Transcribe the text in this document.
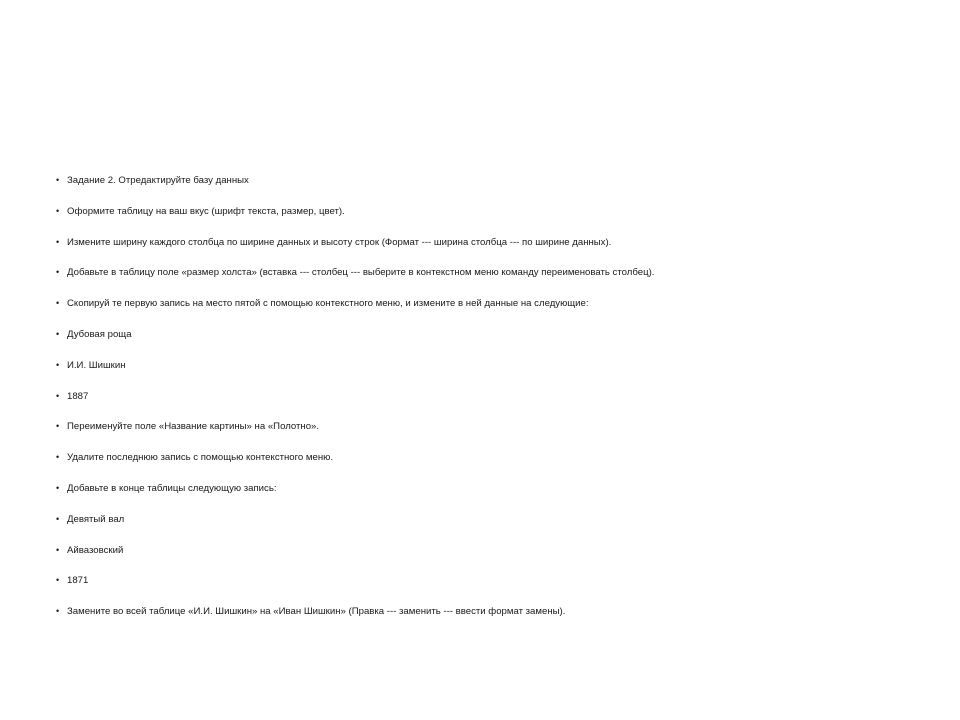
• Задание 2. Отредактируйте базу данных
• Оформите таблицу на ваш вкус (шрифт текста, размер, цвет).
• Измените ширину каждого столбца по ширине данных и высоту строк (Формат --- ширина столбца --- по ширине данных).
• Добавьте в таблицу поле «размер холста» (вставка --- столбец --- выберите в контекстном меню команду переименовать столбец).
• Скопируй те первую запись на место пятой с помощью контекстного меню, и измените в ней данные на следующие:
• Дубовая роща
• И.И. Шишкин
• 1887
• Переименуйте поле «Название картины» на «Полотно».
• Удалите последнюю запись с помощью контекстного меню.
• Добавьте в конце таблицы следующую запись:
• Девятый вал
• Айвазовский
• 1871
• Замените во всей таблице «И.И. Шишкин» на «Иван Шишкин» (Правка --- заменить --- ввести формат замены).
